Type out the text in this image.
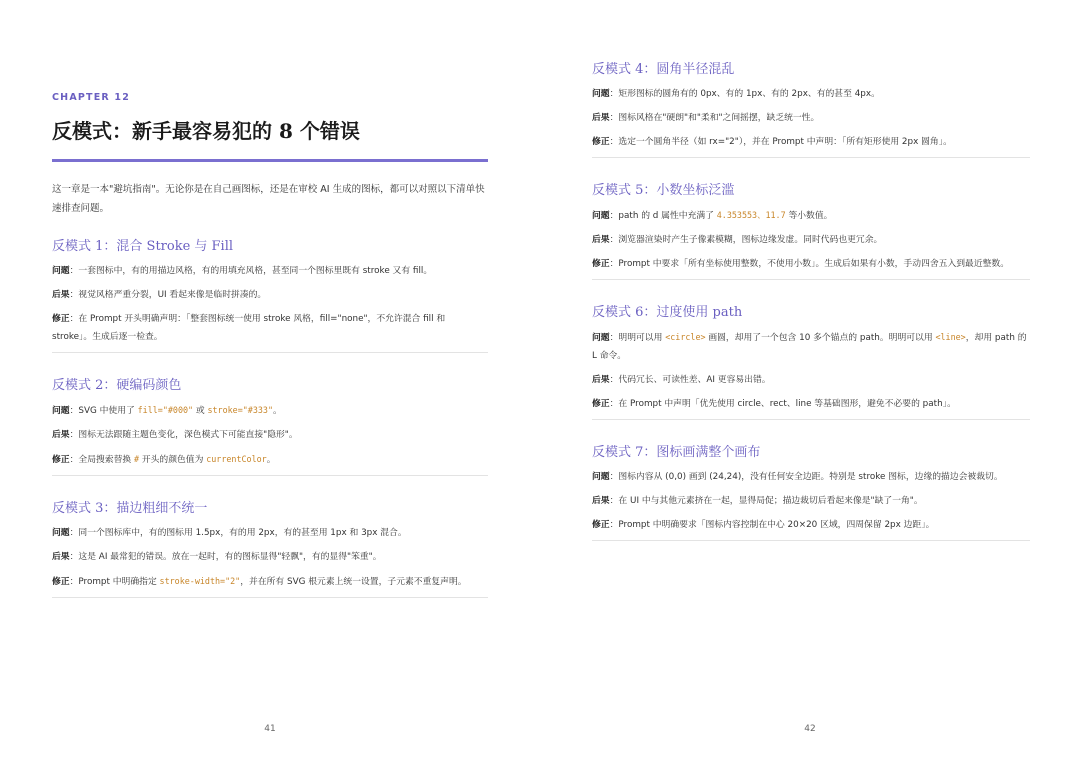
CHAPTER 12
反模式：新手最容易犯的 8 个错误
这一章是一本"避坑指南"。无论你是在自己画图标，还是在审校 AI 生成的图标，都可以对照以下清单快速排查问题。
反模式 1：混合 Stroke 与 Fill
问题：一套图标中，有的用描边风格，有的用填充风格，甚至同一个图标里既有 stroke 又有 fill。
后果：视觉风格严重分裂，UI 看起来像是临时拼凑的。
修正：在 Prompt 开头明确声明：「整套图标统一使用 stroke 风格，fill="none"，不允许混合 fill 和 stroke」。生成后逐一检查。
反模式 2：硬编码颜色
问题：SVG 中使用了 fill="#000" 或 stroke="#333"。
后果：图标无法跟随主题色变化，深色模式下可能直接"隐形"。
修正：全局搜索替换 # 开头的颜色值为 currentColor。
反模式 3：描边粗细不统一
问题：同一个图标库中，有的图标用 1.5px，有的用 2px，有的甚至用 1px 和 3px 混合。
后果：这是 AI 最常犯的错误。放在一起时，有的图标显得"轻飘"，有的显得"笨重"。
修正：Prompt 中明确指定 stroke-width="2"，并在所有 SVG 根元素上统一设置，子元素不重复声明。
41
反模式 4：圆角半径混乱
问题：矩形图标的圆角有的 0px、有的 1px、有的 2px、有的甚至 4px。
后果：图标风格在"硬朗"和"柔和"之间摇摆，缺乏统一性。
修正：选定一个圆角半径（如 rx="2"），并在 Prompt 中声明：「所有矩形使用 2px 圆角」。
反模式 5：小数坐标泛滥
问题：path 的 d 属性中充满了 4.353553、11.7 等小数值。
后果：浏览器渲染时产生子像素模糊，图标边缘发虚。同时代码也更冗余。
修正：Prompt 中要求「所有坐标使用整数，不使用小数」。生成后如果有小数，手动四舍五入到最近整数。
反模式 6：过度使用 path
问题：明明可以用 <circle> 画圆，却用了一个包含 10 多个锚点的 path。明明可以用 <line>，却用 path 的 L 命令。
后果：代码冗长、可读性差、AI 更容易出错。
修正：在 Prompt 中声明「优先使用 circle、rect、line 等基础图形，避免不必要的 path」。
反模式 7：图标画满整个画布
问题：图标内容从 (0,0) 画到 (24,24)，没有任何安全边距。特别是 stroke 图标，边缘的描边会被裁切。
后果：在 UI 中与其他元素挤在一起，显得局促；描边裁切后看起来像是"缺了一角"。
修正：Prompt 中明确要求「图标内容控制在中心 20×20 区域，四周保留 2px 边距」。
42
